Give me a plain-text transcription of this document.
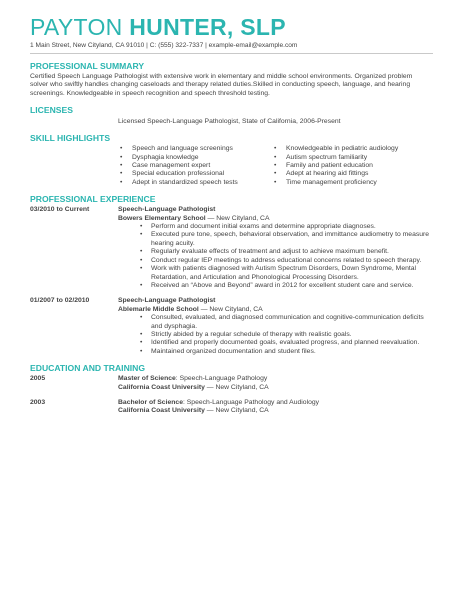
PAYTON HUNTER, SLP
1 Main Street, New Cityland, CA 91010 | C: (555) 322-7337 | example-email@example.com
PROFESSIONAL SUMMARY
Certified Speech Language Pathologist with extensive work in elementary and middle school environments. Organized problem solver who swiftly handles changing caseloads and therapy related duties.Skilled in conducting speech, language, and hearing screenings. Knowledgeable in speech recognition and speech threshold testing.
LICENSES
Licensed Speech-Language Pathologist, State of California, 2006-Present
SKILL HIGHLIGHTS
• Speech and language screenings
• Dysphagia knowledge
• Case management expert
• Special education professional
• Adept in standardized speech tests
• Knowledgeable in pediatric audiology
• Autism spectrum familiarity
• Family and patient education
• Adept at hearing aid fittings
• Time management proficiency
PROFESSIONAL EXPERIENCE
03/2010 to Current	Speech-Language Pathologist
Bowers Elementary School — New Cityland, CA
• Perform and document initial exams and determine appropriate diagnoses.
• Executed pure tone, speech, behavioral observation, and immittance audiometry to measure hearing acuity.
• Regularly evaluate effects of treatment and adjust to achieve maximum benefit.
• Conduct regular IEP meetings to address educational concerns related to speech therapy.
• Work with patients diagnosed with Autism Spectrum Disorders, Down Syndrome, Mental Retardation, and Articulation and Phonological Processing Disorders.
• Received an “Above and Beyond” award in 2012 for excellent student care and service.
01/2007 to 02/2010	Speech-Language Pathologist
Ablemarle Middle School — New Cityland, CA
• Consulted, evaluated, and diagnosed communication and cognitive-communication deficits and dysphagia.
• Strictly abided by a regular schedule of therapy with realistic goals.
• Identified and properly documented goals, evaluated progress, and planned reevaluation.
• Maintained organized documentation and student files.
EDUCATION AND TRAINING
2005	Master of Science: Speech-Language Pathology
California Coast University — New Cityland, CA
2003	Bachelor of Science: Speech-Language Pathology and Audiology
California Coast University — New Cityland, CA
